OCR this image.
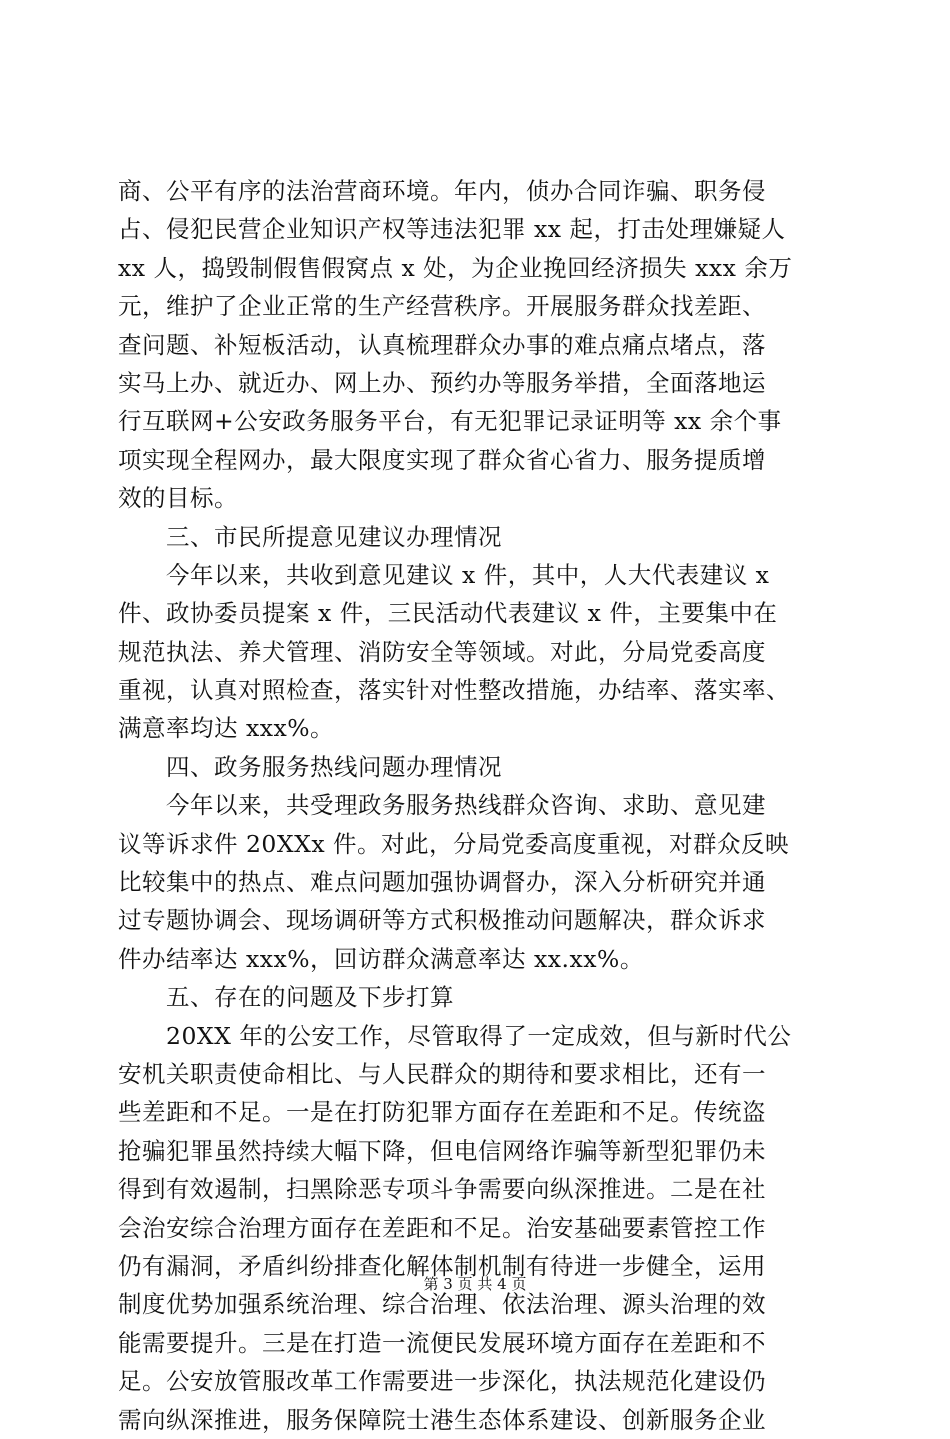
商、公平有序的法治营商环境。年内，侦办合同诈骗、职务侵
占、侵犯民营企业知识产权等违法犯罪 xx 起，打击处理嫌疑人
xx 人，捣毁制假售假窝点 x 处，为企业挽回经济损失 xxx 余万
元，维护了企业正常的生产经营秩序。开展服务群众找差距、
查问题、补短板活动，认真梳理群众办事的难点痛点堵点，落
实马上办、就近办、网上办、预约办等服务举措，全面落地运
行互联网+公安政务服务平台，有无犯罪记录证明等 xx 余个事
项实现全程网办，最大限度实现了群众省心省力、服务提质增
效的目标。
三、市民所提意见建议办理情况
今年以来，共收到意见建议 x 件，其中，人大代表建议 x
件、政协委员提案 x 件，三民活动代表建议 x 件，主要集中在
规范执法、养犬管理、消防安全等领域。对此，分局党委高度
重视，认真对照检查，落实针对性整改措施，办结率、落实率、
满意率均达 xxx%。
四、政务服务热线问题办理情况
今年以来，共受理政务服务热线群众咨询、求助、意见建
议等诉求件 20XXx 件。对此，分局党委高度重视，对群众反映
比较集中的热点、难点问题加强协调督办，深入分析研究并通
过专题协调会、现场调研等方式积极推动问题解决，群众诉求
件办结率达 xxx%，回访群众满意率达 xx.xx%。
五、存在的问题及下步打算
20XX 年的公安工作，尽管取得了一定成效，但与新时代公
安机关职责使命相比、与人民群众的期待和要求相比，还有一
些差距和不足。一是在打防犯罪方面存在差距和不足。传统盗
抢骗犯罪虽然持续大幅下降，但电信网络诈骗等新型犯罪仍未
得到有效遏制，扫黑除恶专项斗争需要向纵深推进。二是在社
会治安综合治理方面存在差距和不足。治安基础要素管控工作
仍有漏洞，矛盾纠纷排查化解体制机制有待进一步健全，运用
制度优势加强系统治理、综合治理、依法治理、源头治理的效
能需要提升。三是在打造一流便民发展环境方面存在差距和不
足。公安放管服改革工作需要进一步深化，执法规范化建设仍
需向纵深推进，服务保障院士港生态体系建设、创新服务企业
第 3 页 共 4 页
